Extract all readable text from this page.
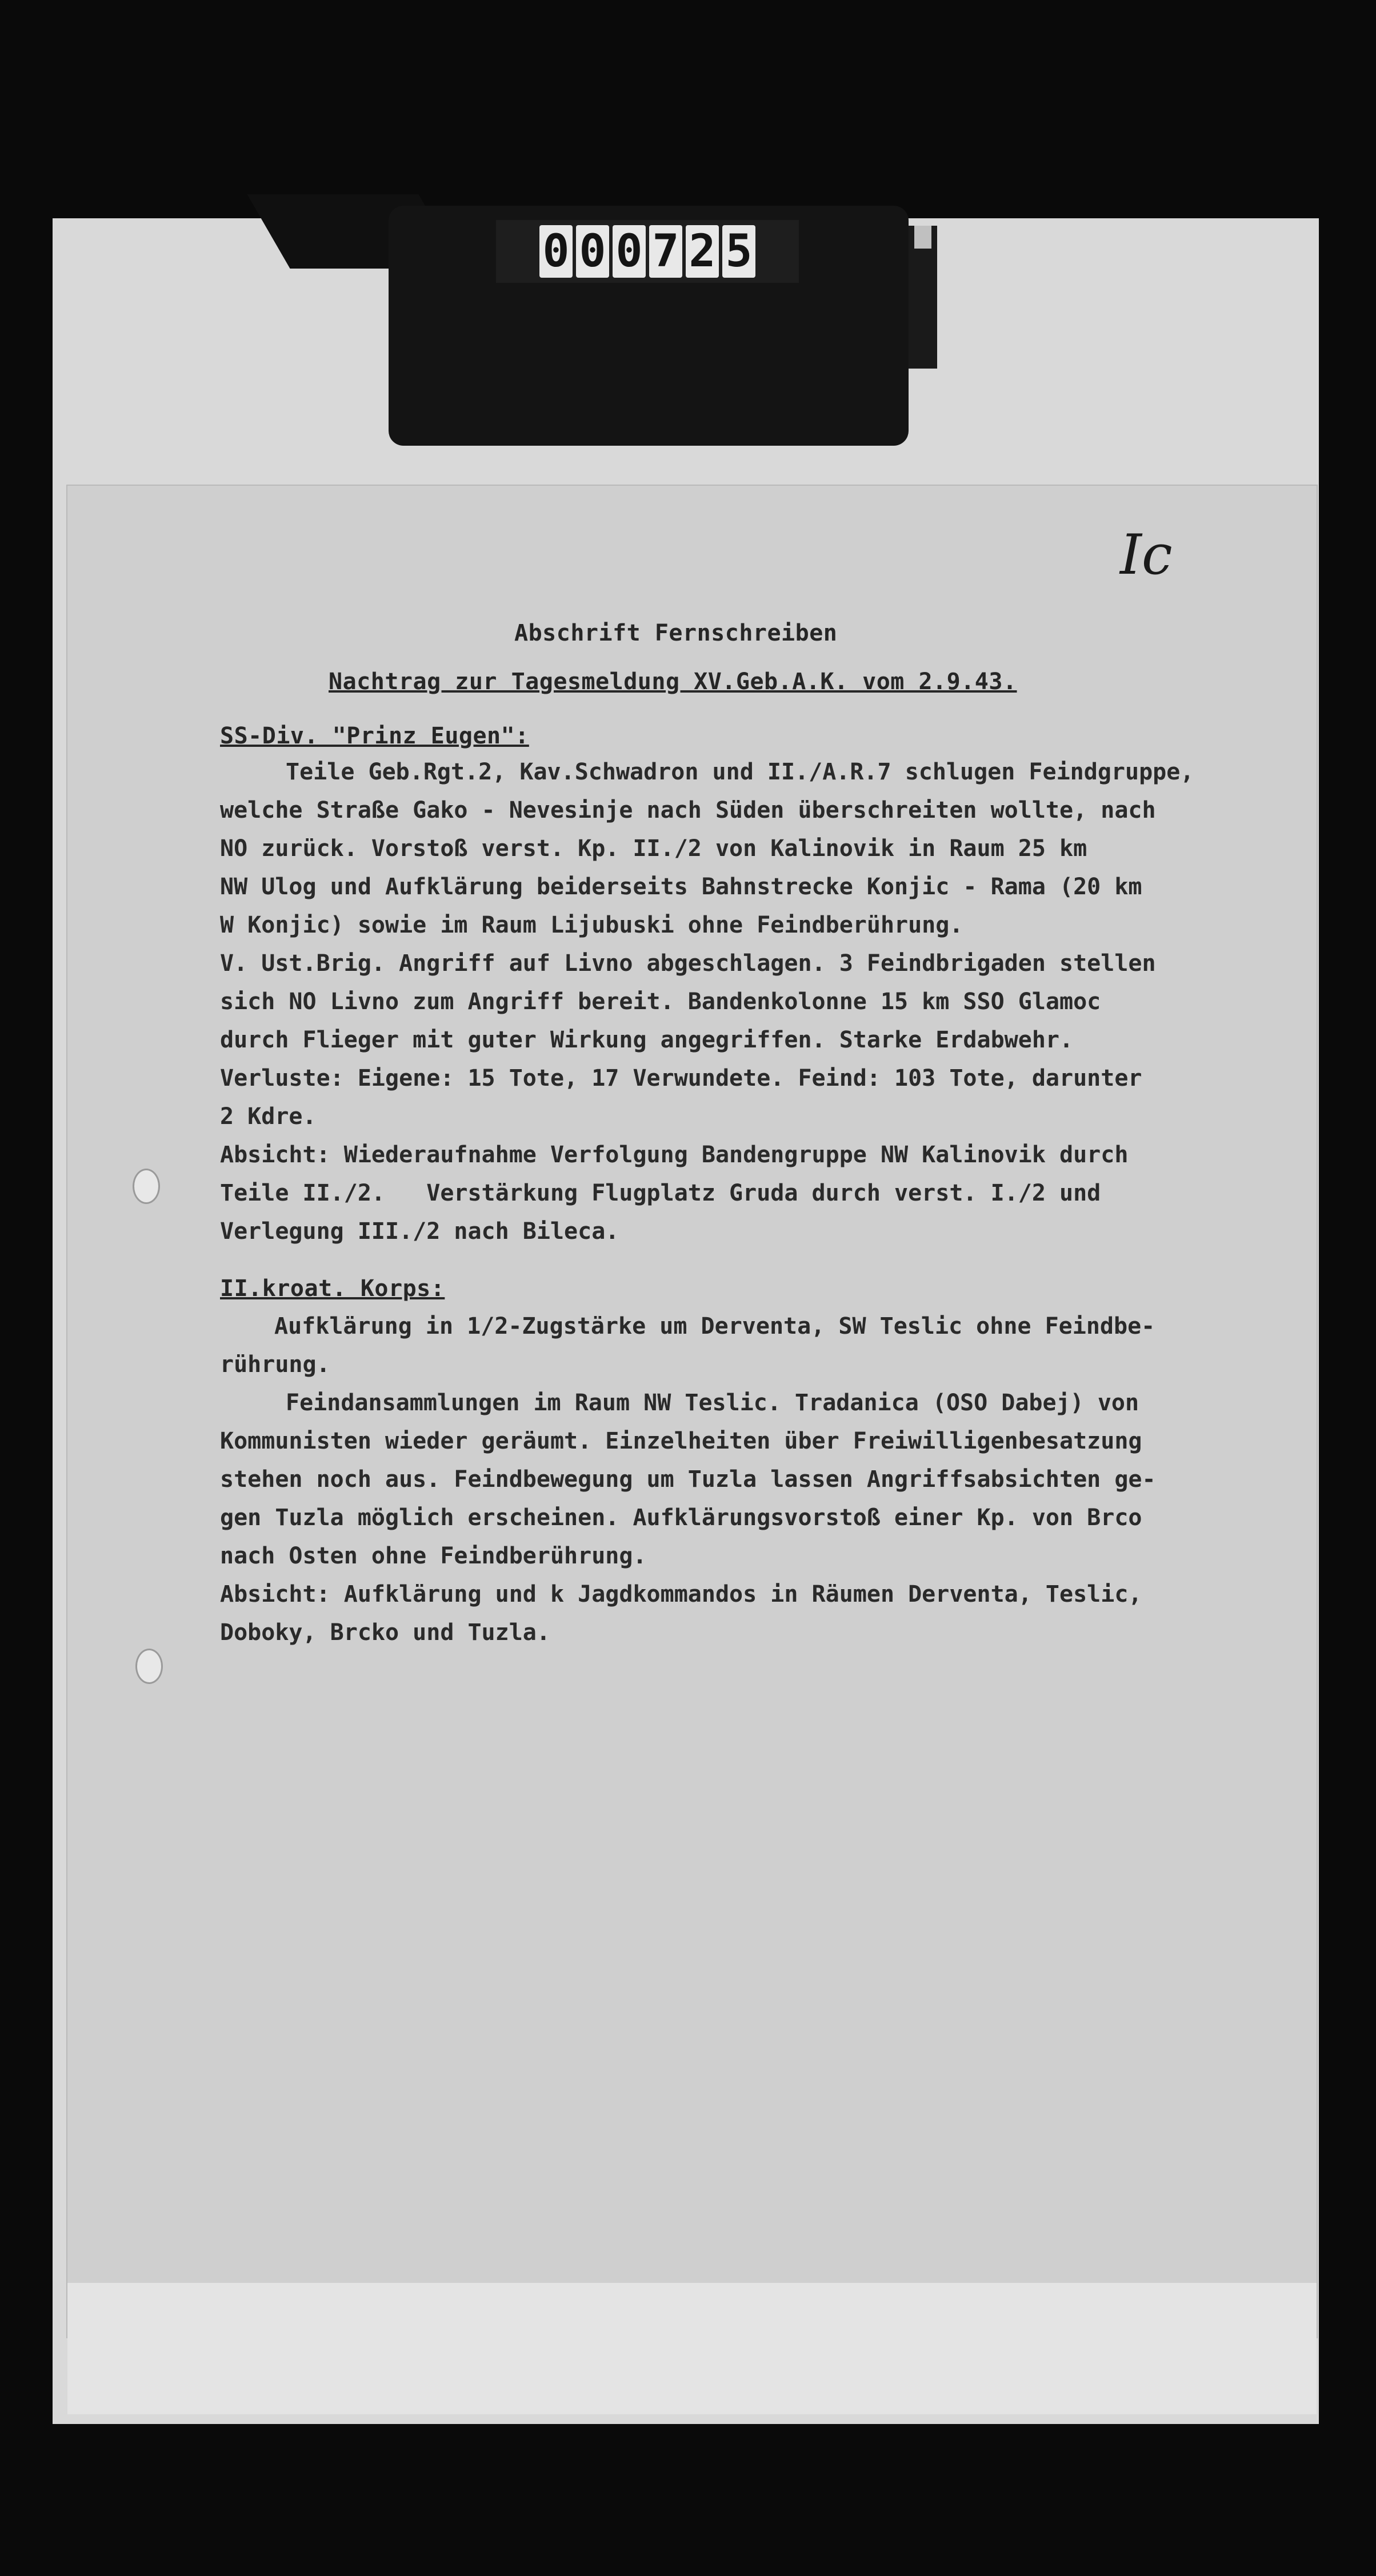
0 0 0 7 2 5
Ic
Abschrift Fernschreiben
Nachtrag zur Tagesmeldung XV.Geb.A.K. vom 2.9.43.
SS-Div. "Prinz Eugen":
Teile Geb.Rgt.2, Kav.Schwadron und II./A.R.7 schlugen Feindgruppe,
welche Straße Gako - Nevesinje nach Süden überschreiten wollte, nach
NO zurück. Vorstoß verst. Kp. II./2 von Kalinovik in Raum 25 km
NW Ulog und Aufklärung beiderseits Bahnstrecke Konjic - Rama (20 km
W Konjic) sowie im Raum Lijubuski ohne Feindberührung.
V. Ust.Brig. Angriff auf Livno abgeschlagen. 3 Feindbrigaden stellen
sich NO Livno zum Angriff bereit. Bandenkolonne 15 km SSO Glamoc
durch Flieger mit guter Wirkung angegriffen. Starke Erdabwehr.
Verluste: Eigene: 15 Tote, 17 Verwundete. Feind: 103 Tote, darunter
2 Kdre.
Absicht: Wiederaufnahme Verfolgung Bandengruppe NW Kalinovik durch
Teile II./2.   Verstärkung Flugplatz Gruda durch verst. I./2 und
Verlegung III./2 nach Bileca.
II.kroat. Korps:
Aufklärung in 1/2-Zugstärke um Derventa, SW Teslic ohne Feindbe-
rührung.
Feindansammlungen im Raum NW Teslic. Tradanica (OSO Dabej) von
Kommunisten wieder geräumt. Einzelheiten über Freiwilligenbesatzung
stehen noch aus. Feindbewegung um Tuzla lassen Angriffsabsichten ge-
gen Tuzla möglich erscheinen. Aufklärungsvorstoß einer Kp. von Brco
nach Osten ohne Feindberührung.
Absicht: Aufklärung und k Jagdkommandos in Räumen Derventa, Teslic,
Doboky, Brcko und Tuzla.
